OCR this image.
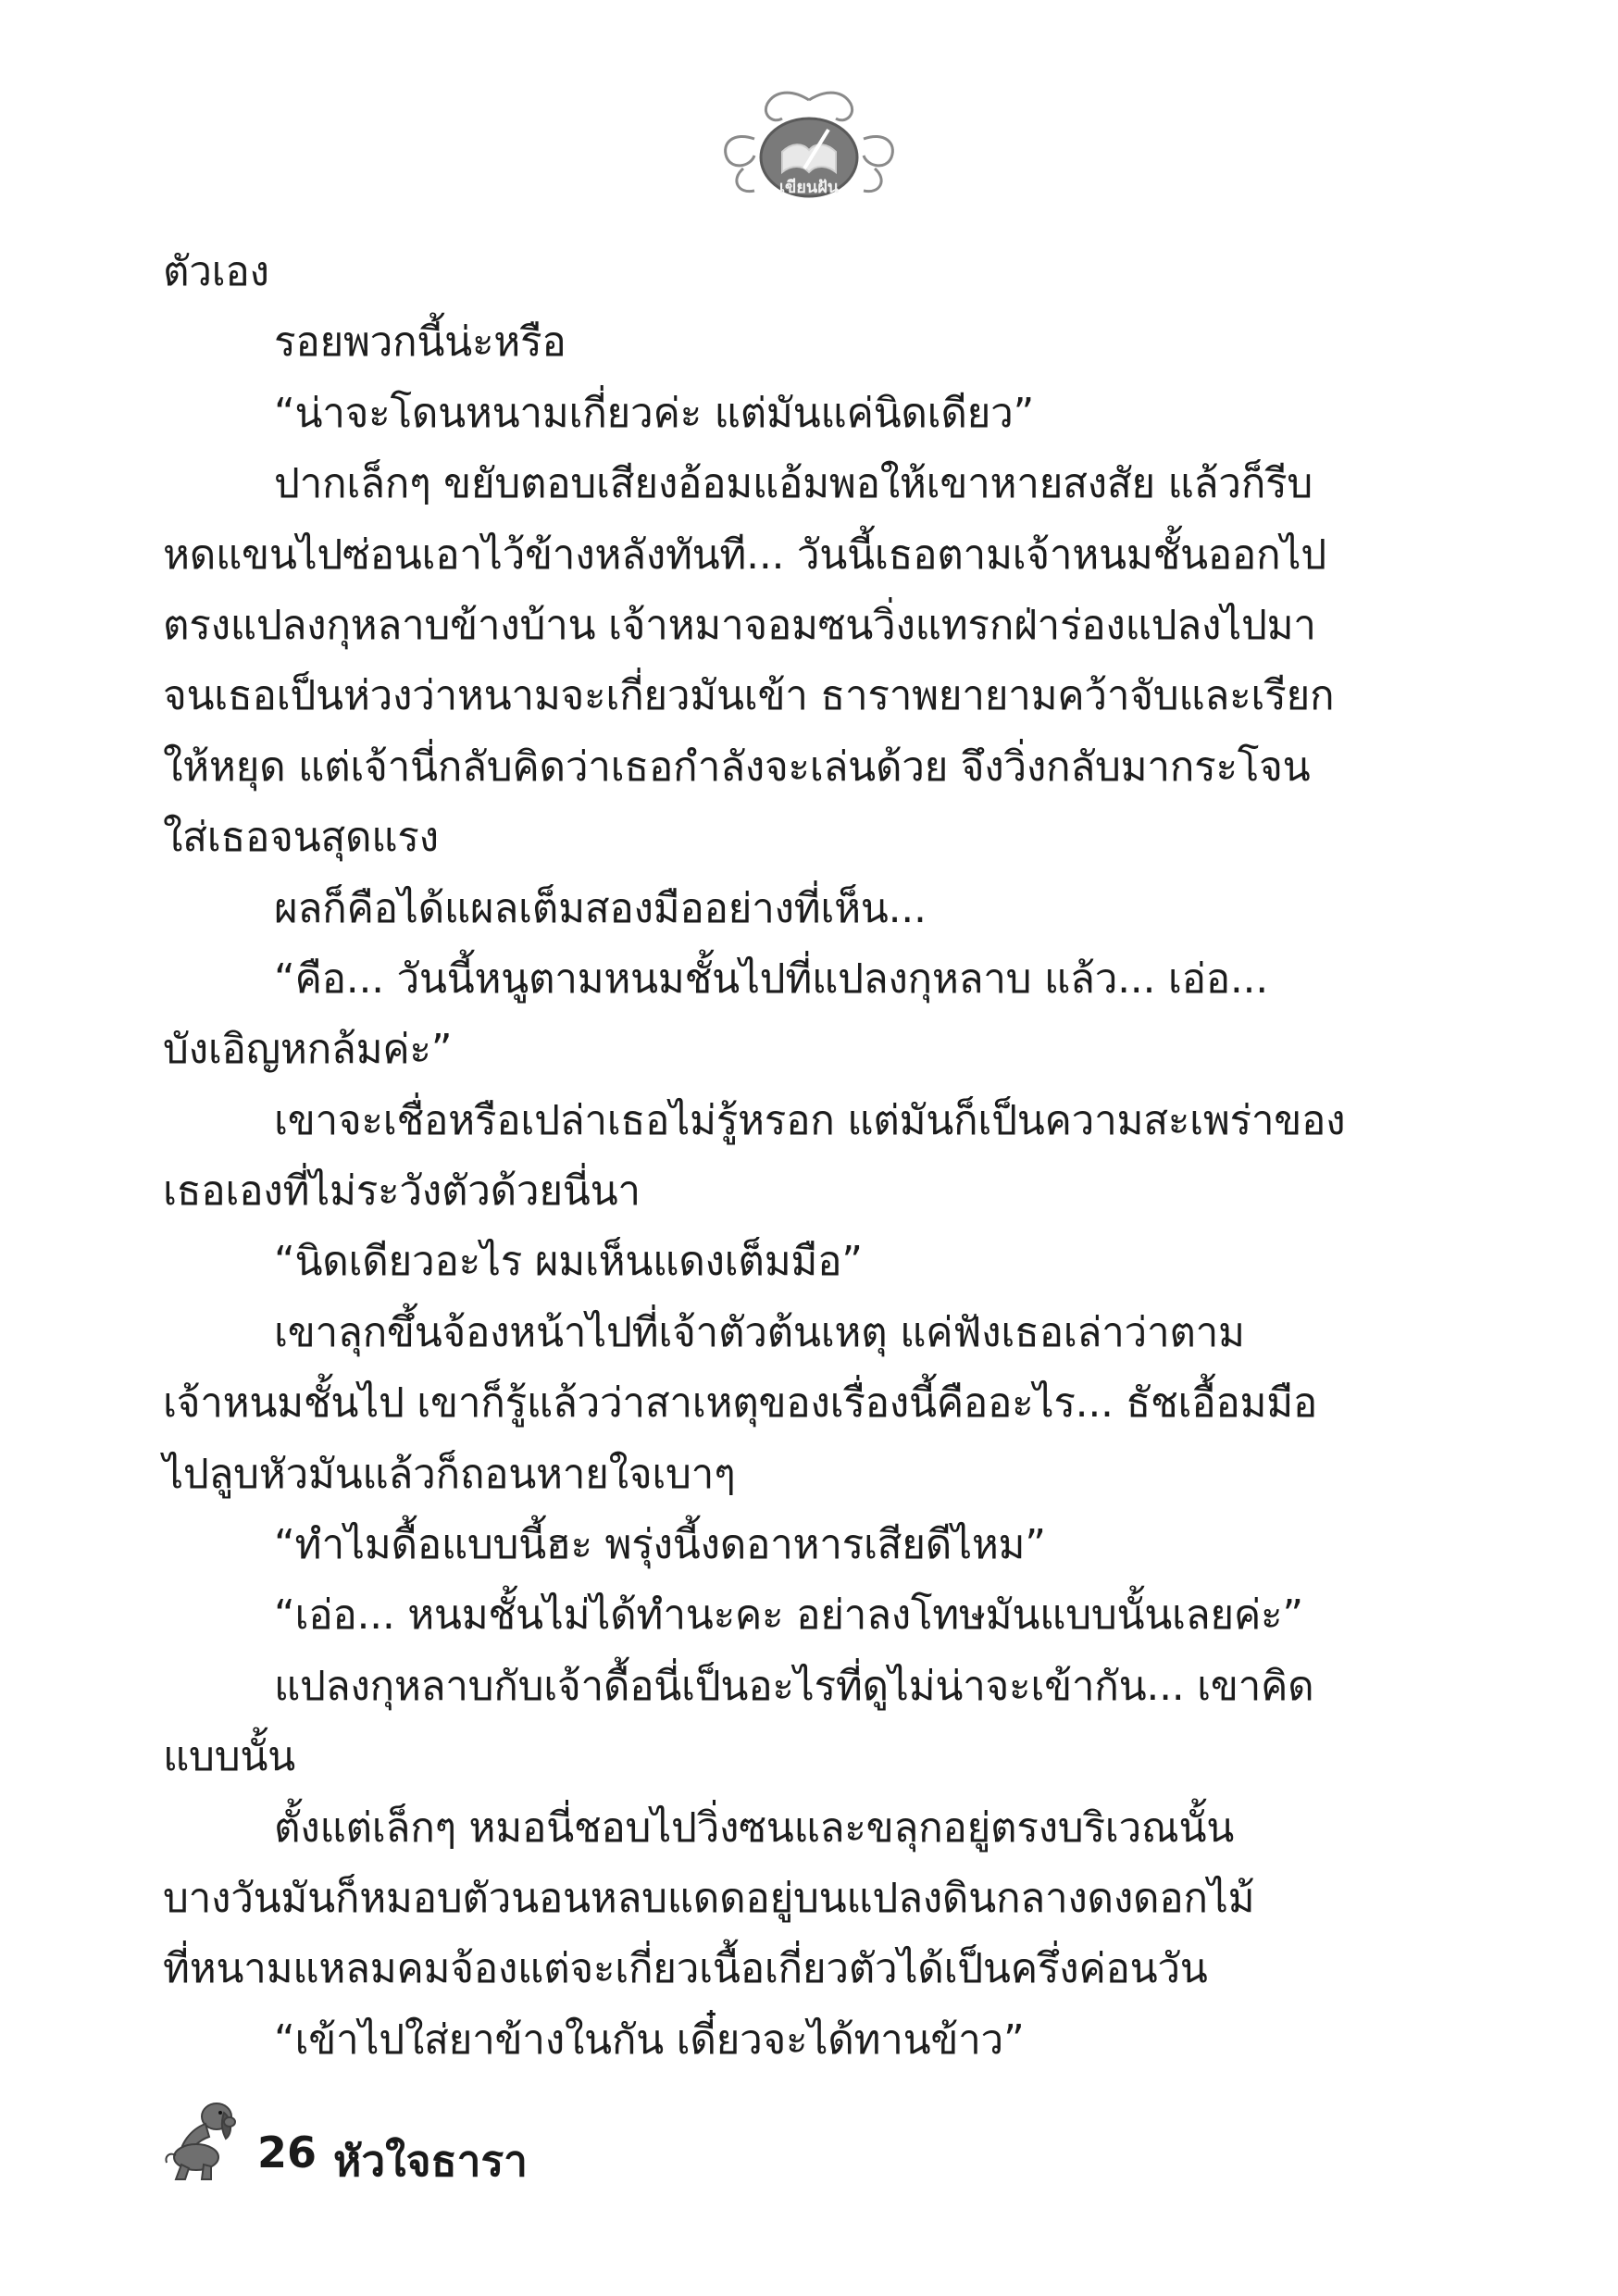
เขียนฝัน
ตัวเอง
รอยพวกนี้น่ะหรือ
“น่าจะโดนหนามเกี่ยวค่ะ แต่มันแค่นิดเดียว”
ปากเล็กๆ ขยับตอบเสียงอ้อมแอ้มพอให้เขาหายสงสัย แล้วก็รีบ
หดแขนไปซ่อนเอาไว้ข้างหลังทันที... วันนี้เธอตามเจ้าหนมชั้นออกไป
ตรงแปลงกุหลาบข้างบ้าน เจ้าหมาจอมซนวิ่งแทรกฝ่าร่องแปลงไปมา
จนเธอเป็นห่วงว่าหนามจะเกี่ยวมันเข้า ธาราพยายามคว้าจับและเรียก
ให้หยุด แต่เจ้านี่กลับคิดว่าเธอกำลังจะเล่นด้วย จึงวิ่งกลับมากระโจน
ใส่เธอจนสุดแรง
ผลก็คือได้แผลเต็มสองมืออย่างที่เห็น...
“คือ... วันนี้หนูตามหนมชั้นไปที่แปลงกุหลาบ แล้ว... เอ่อ...
บังเอิญหกล้มค่ะ”
เขาจะเชื่อหรือเปล่าเธอไม่รู้หรอก แต่มันก็เป็นความสะเพร่าของ
เธอเองที่ไม่ระวังตัวด้วยนี่นา
“นิดเดียวอะไร ผมเห็นแดงเต็มมือ”
เขาลุกขึ้นจ้องหน้าไปที่เจ้าตัวต้นเหตุ แค่ฟังเธอเล่าว่าตาม
เจ้าหนมชั้นไป เขาก็รู้แล้วว่าสาเหตุของเรื่องนี้คืออะไร... ธัชเอื้อมมือ
ไปลูบหัวมันแล้วก็ถอนหายใจเบาๆ
“ทำไมดื้อแบบนี้ฮะ พรุ่งนี้งดอาหารเสียดีไหม”
“เอ่อ... หนมชั้นไม่ได้ทำนะคะ อย่าลงโทษมันแบบนั้นเลยค่ะ”
แปลงกุหลาบกับเจ้าดื้อนี่เป็นอะไรที่ดูไม่น่าจะเข้ากัน... เขาคิด
แบบนั้น
ตั้งแต่เล็กๆ หมอนี่ชอบไปวิ่งซนและขลุกอยู่ตรงบริเวณนั้น
บางวันมันก็หมอบตัวนอนหลบแดดอยู่บนแปลงดินกลางดงดอกไม้
ที่หนามแหลมคมจ้องแต่จะเกี่ยวเนื้อเกี่ยวตัวได้เป็นครึ่งค่อนวัน
“เข้าไปใส่ยาข้างในกัน เดี๋ยวจะได้ทานข้าว”
26 หัวใจธารา
